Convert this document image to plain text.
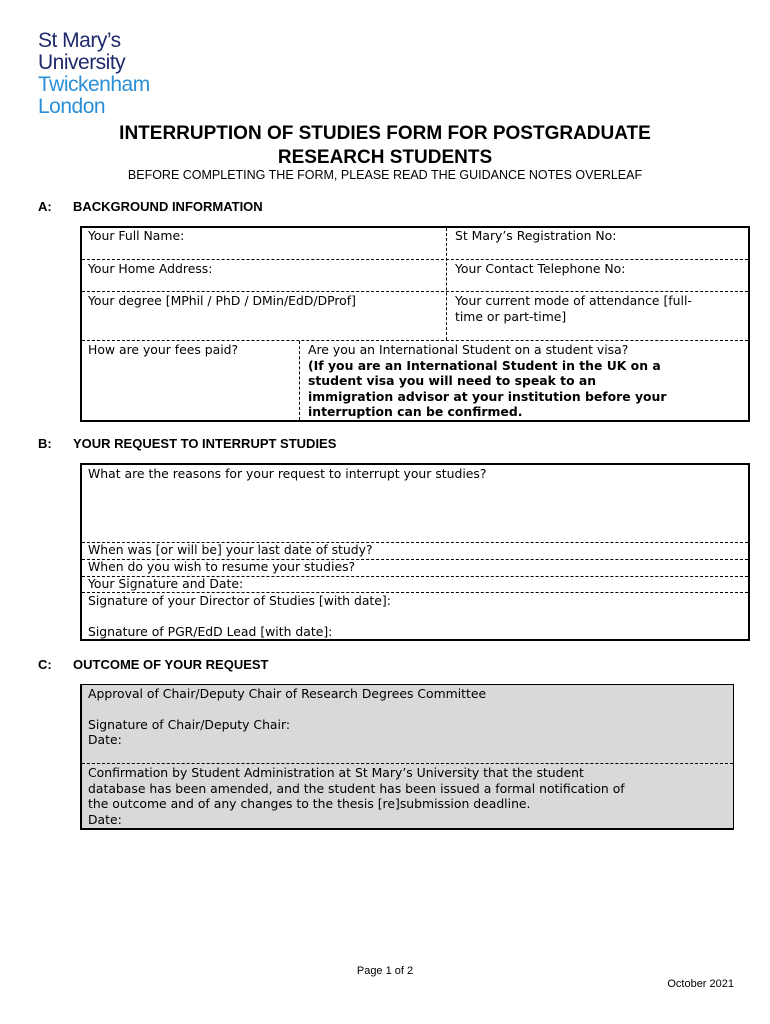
St Mary’s
University
Twickenham
London
INTERRUPTION OF STUDIES FORM FOR POSTGRADUATE
RESEARCH STUDENTS
BEFORE COMPLETING THE FORM, PLEASE READ THE GUIDANCE NOTES OVERLEAF
A: BACKGROUND INFORMATION
Your Full Name:	St Mary’s Registration No:
Your Home Address:	Your Contact Telephone No:
Your degree [MPhil / PhD / DMin/EdD/DProf]	Your current mode of attendance [full-
time or part-time]
How are your fees paid?	Are you an International Student on a student visa?
(If you are an International Student in the UK on a
student visa you will need to speak to an
immigration advisor at your institution before your
interruption can be confirmed.
B: YOUR REQUEST TO INTERRUPT STUDIES
What are the reasons for your request to interrupt your studies?
When was [or will be] your last date of study?
When do you wish to resume your studies?
Your Signature and Date:
Signature of your Director of Studies [with date]:
Signature of PGR/EdD Lead [with date]:
C: OUTCOME OF YOUR REQUEST
Approval of Chair/Deputy Chair of Research Degrees Committee
Signature of Chair/Deputy Chair:
Date:
Confirmation by Student Administration at St Mary’s University that the student
database has been amended, and the student has been issued a formal notification of
the outcome and of any changes to the thesis [re]submission deadline.
Date:
Page 1 of 2
October 2021
